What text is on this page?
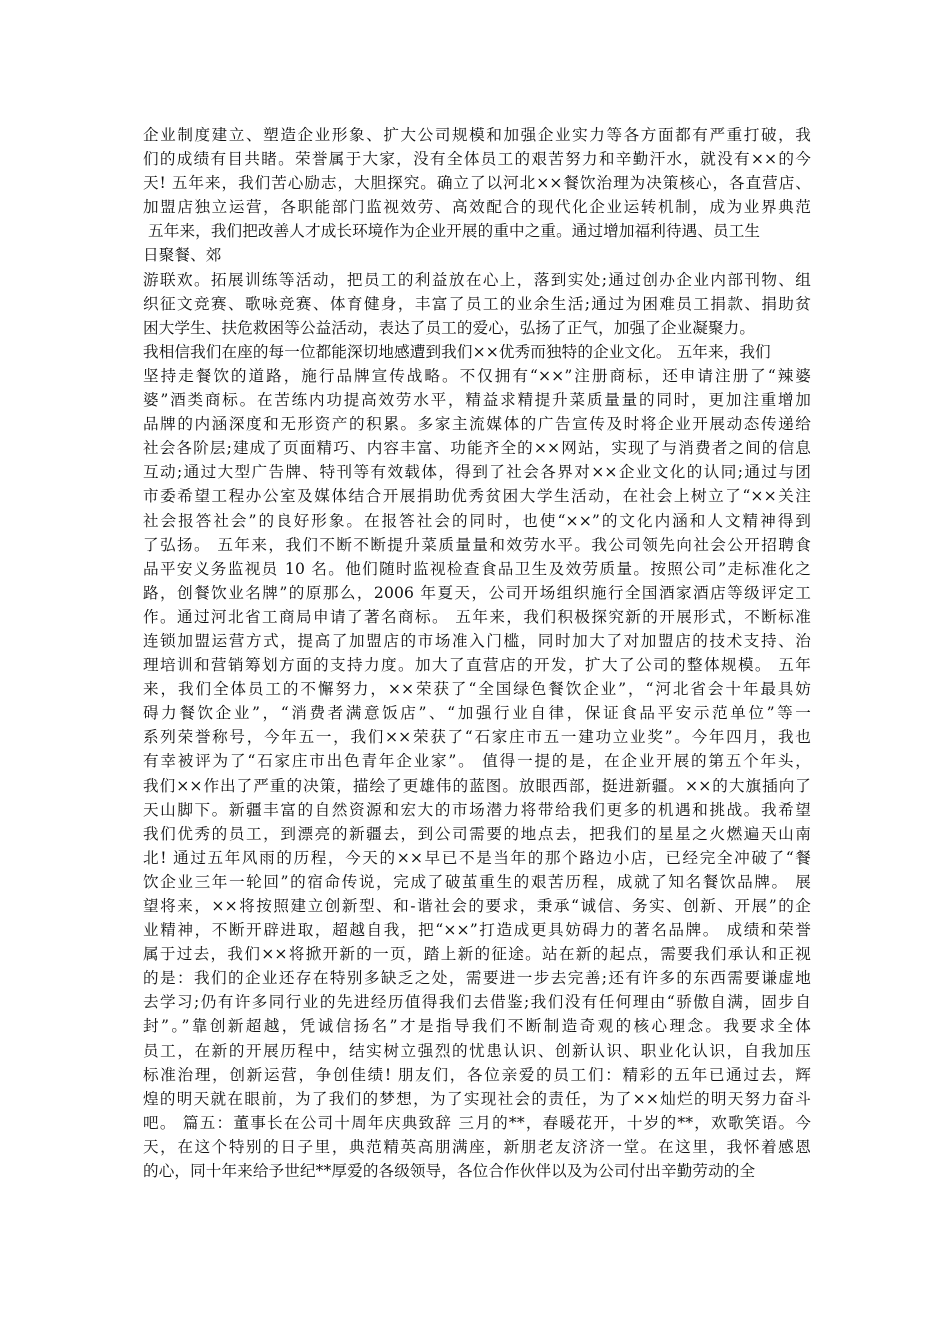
企业制度建立、塑造企业形象、扩大公司规模和加强企业实力等各方面都有严重打破，我
们的成绩有目共睹。荣誉属于大家，没有全体员工的艰苦努力和辛勤汗水，就没有××的今
天! 五年来，我们苦心励志，大胆探究。确立了以河北××餐饮治理为决策核心，各直营店、
加盟店独立运营，各职能部门监视效劳、高效配合的现代化企业运转机制，成为业界典范
五年来，我们把改善人才成长环境作为企业开展的重中之重。通过增加福利待遇、员工生
日聚餐、郊
游联欢。拓展训练等活动，把员工的利益放在心上，落到实处;通过创办企业内部刊物、组
织征文竞赛、歌咏竞赛、体育健身，丰富了员工的业余生活;通过为困难员工捐款、捐助贫
困大学生、扶危救困等公益活动，表达了员工的爱心，弘扬了正气，加强了企业凝聚力。
我相信我们在座的每一位都能深切地感遭到我们××优秀而独特的企业文化。 五年来，我们
坚持走餐饮的道路，施行品牌宣传战略。不仅拥有“××”注册商标，还申请注册了“辣婆
婆”酒类商标。在苦练内功提高效劳水平，精益求精提升菜质量量的同时，更加注重增加
品牌的内涵深度和无形资产的积累。多家主流媒体的广告宣传及时将企业开展动态传递给
社会各阶层;建成了页面精巧、内容丰富、功能齐全的××网站，实现了与消费者之间的信息
互动;通过大型广告牌、特刊等有效载体，得到了社会各界对××企业文化的认同;通过与团
市委希望工程办公室及媒体结合开展捐助优秀贫困大学生活动，在社会上树立了“××关注
社会报答社会”的良好形象。在报答社会的同时，也使“××”的文化内涵和人文精神得到
了弘扬。 五年来，我们不断不断提升菜质量量和效劳水平。我公司领先向社会公开招聘食
品平安义务监视员 10 名。他们随时监视检查食品卫生及效劳质量。按照公司”走标准化之
路，创餐饮业名牌”的原那么，2006 年夏天，公司开场组织施行全国酒家酒店等级评定工
作。通过河北省工商局申请了著名商标。 五年来，我们积极探究新的开展形式，不断标准
连锁加盟运营方式，提高了加盟店的市场准入门槛，同时加大了对加盟店的技术支持、治
理培训和营销筹划方面的支持力度。加大了直营店的开发，扩大了公司的整体规模。 五年
来，我们全体员工的不懈努力，××荣获了“全国绿色餐饮企业”，“河北省会十年最具妨
碍力餐饮企业”，“消费者满意饭店”、“加强行业自律，保证食品平安示范单位”等一
系列荣誉称号，今年五一，我们××荣获了“石家庄市五一建功立业奖”。今年四月，我也
有幸被评为了“石家庄市出色青年企业家”。 值得一提的是，在企业开展的第五个年头，
我们××作出了严重的决策，描绘了更雄伟的蓝图。放眼西部，挺进新疆。××的大旗插向了
天山脚下。新疆丰富的自然资源和宏大的市场潜力将带给我们更多的机遇和挑战。我希望
我们优秀的员工，到漂亮的新疆去，到公司需要的地点去，把我们的星星之火燃遍天山南
北! 通过五年风雨的历程，今天的××早已不是当年的那个路边小店，已经完全冲破了“餐
饮企业三年一轮回”的宿命传说，完成了破茧重生的艰苦历程，成就了知名餐饮品牌。 展
望将来，××将按照建立创新型、和-谐社会的要求，秉承“诚信、务实、创新、开展”的企
业精神，不断开辟进取，超越自我，把“××”打造成更具妨碍力的著名品牌。 成绩和荣誉
属于过去，我们××将掀开新的一页，踏上新的征途。站在新的起点，需要我们承认和正视
的是：我们的企业还存在特别多缺乏之处，需要进一步去完善;还有许多的东西需要谦虚地
去学习;仍有许多同行业的先进经历值得我们去借鉴;我们没有任何理由“骄傲自满，固步自
封”。”靠创新超越，凭诚信扬名”才是指导我们不断制造奇观的核心理念。我要求全体
员工，在新的开展历程中，结实树立强烈的忧患认识、创新认识、职业化认识，自我加压
标准治理，创新运营，争创佳绩! 朋友们，各位亲爱的员工们：精彩的五年已通过去，辉
煌的明天就在眼前，为了我们的梦想，为了实现社会的责任，为了××灿烂的明天努力奋斗
吧。 篇五：董事长在公司十周年庆典致辞 三月的**，春暖花开，十岁的**，欢歌笑语。今
天，在这个特别的日子里，典范精英高朋满座，新朋老友济济一堂。在这里，我怀着感恩
的心，同十年来给予世纪**厚爱的各级领导，各位合作伙伴以及为公司付出辛勤劳动的全
